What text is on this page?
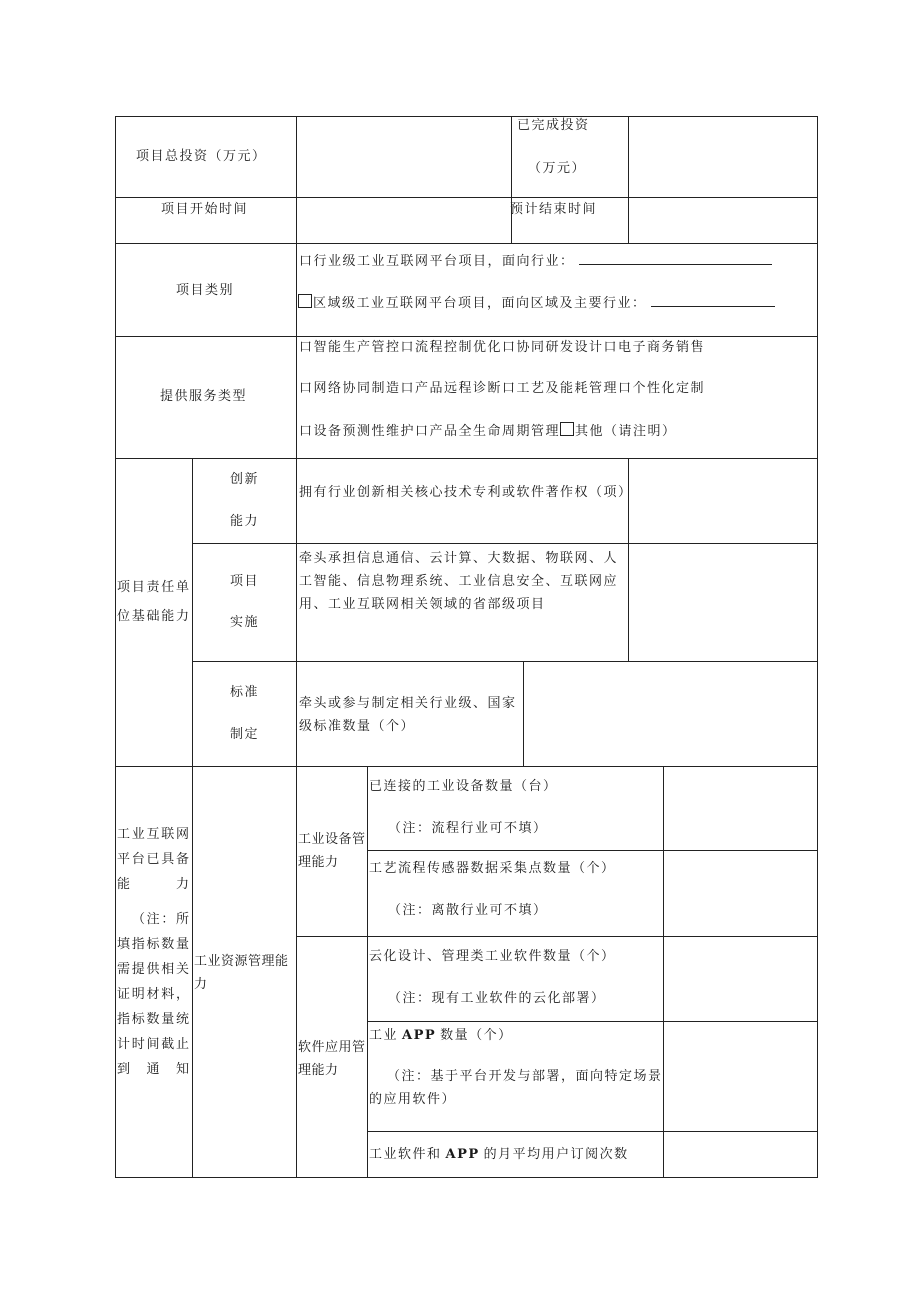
项目总投资（万元）
已完成投资
（万元）
项目开始时间	预计结束时间
项目类别
口行业级工业互联网平台项目，面向行业：
区域级工业互联网平台项目，面向区域及主要行业：
提供服务类型
口智能生产管控口流程控制优化口协同研发设计口电子商务销售
口网络协同制造口产品远程诊断口工艺及能耗管理口个性化定制
口设备预测性维护口产品全生命周期管理 其他（请注明）
项目责任单位基础能力
创新
能力
拥有行业创新相关核心技术专利或软件著作权（项）
项目
实施
牵头承担信息通信、云计算、大数据、物联网、人工智能、信息物理系统、工业信息安全、互联网应用、工业互联网相关领域的省部级项目
标准
制定
牵头或参与制定相关行业级、国家级标准数量（个）
工业互联网平台已具备能力
（注：所填指标数量需提供相关证明材料，指标数量统计时间截止到通知
工业资源管理能力
工业设备管理能力
软件应用管理能力
已连接的工业设备数量（台）
（注：流程行业可不填）
工艺流程传感器数据采集点数量（个）
（注：离散行业可不填）
云化设计、管理类工业软件数量（个）
（注：现有工业软件的云化部署）
工业 APP 数量（个）
（注：基于平台开发与部署，面向特定场景的应用软件）
工业软件和 APP 的月平均用户订阅次数
